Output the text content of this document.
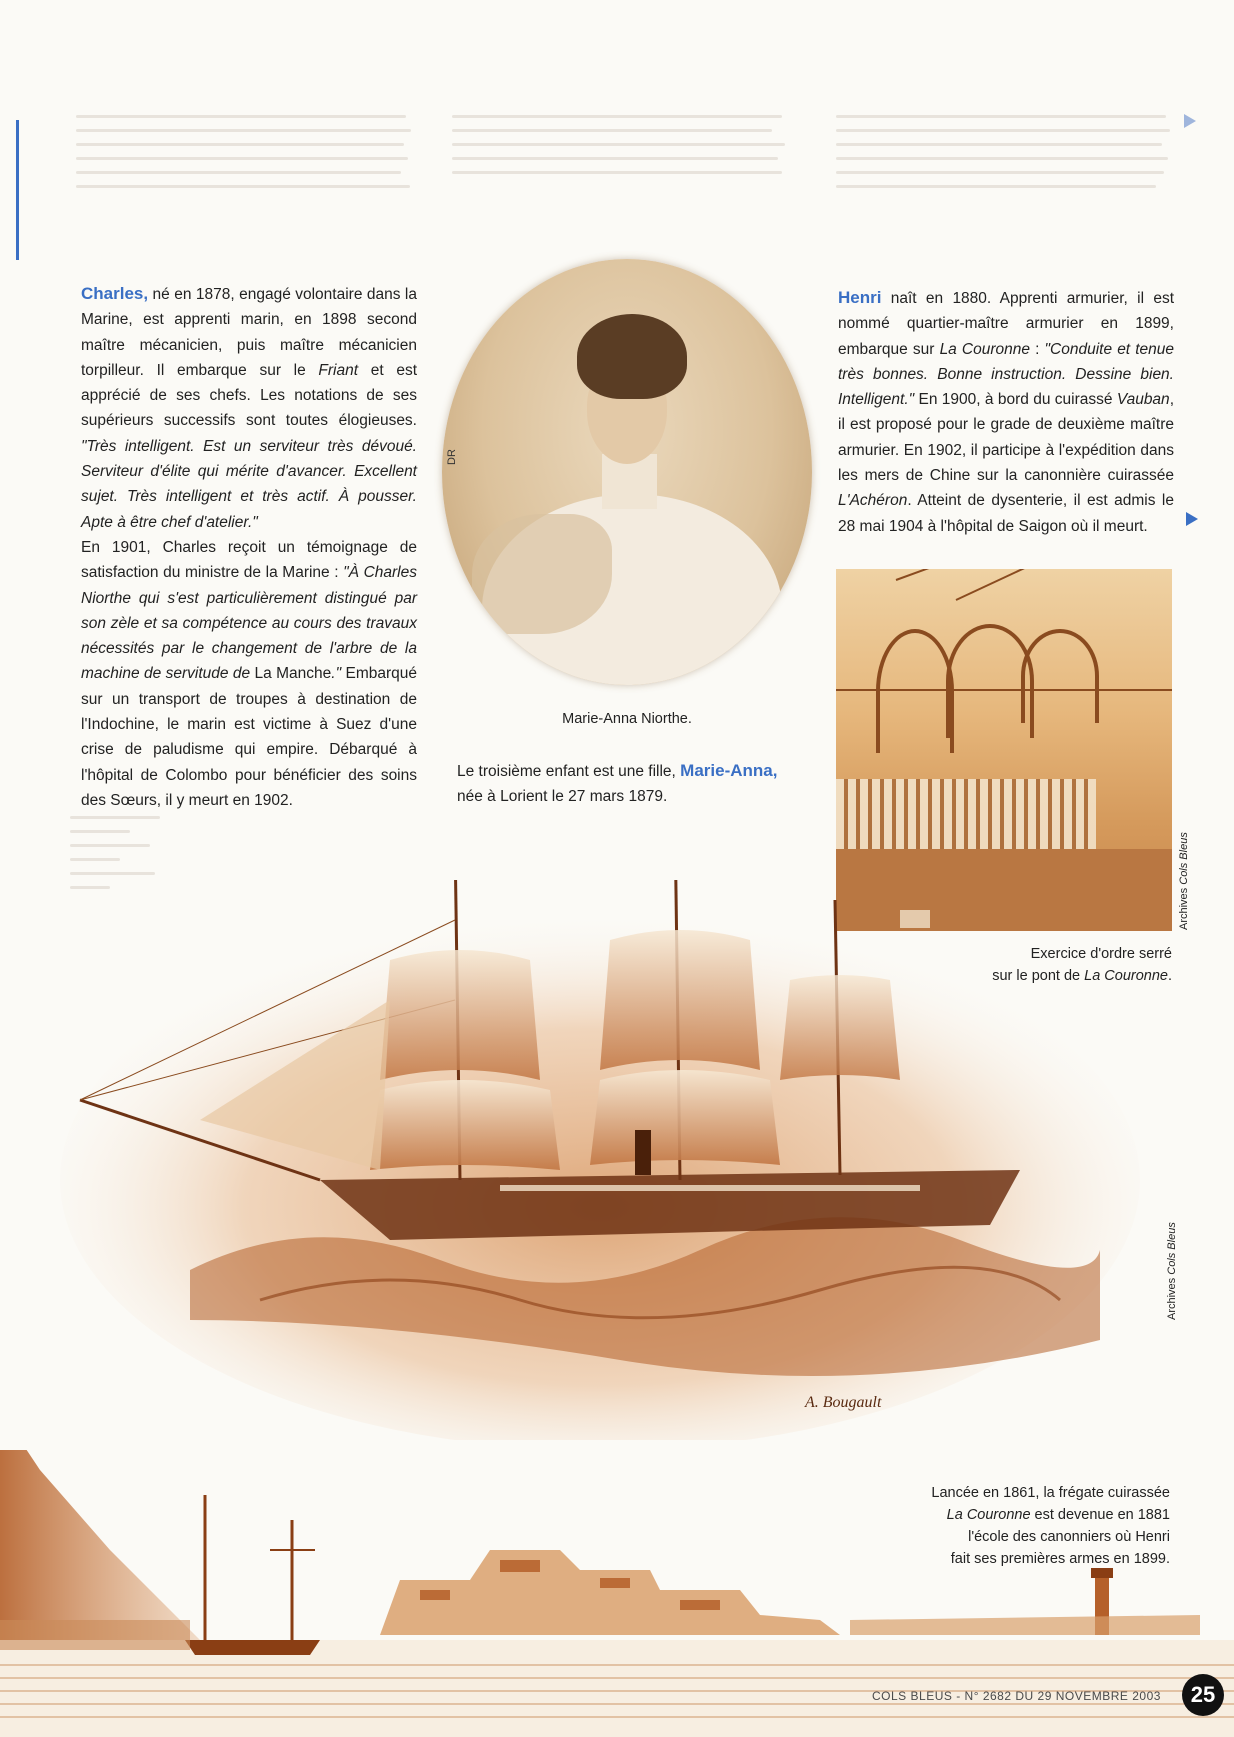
Charles, né en 1878, engagé volontaire dans la Marine, est apprenti marin, en 1898 second maître mécanicien, puis maître mécanicien torpilleur. Il embarque sur le Friant et est apprécié de ses chefs. Les notations de ses supérieurs successifs sont toutes élogieuses. "Très intelligent. Est un serviteur très dévoué. Serviteur d'élite qui mérite d'avancer. Excellent sujet. Très intelligent et très actif. À pousser. Apte à être chef d'atelier."

En 1901, Charles reçoit un témoignage de satisfaction du ministre de la Marine : "À Charles Niorthe qui s'est particulièrement distingué par son zèle et sa compétence au cours des travaux nécessités par le changement de l'arbre de la machine de servitude de La Manche." Embarqué sur un transport de troupes à destination de l'Indochine, le marin est victime à Suez d'une crise de paludisme qui empire. Débarqué à l'hôpital de Colombo pour bénéficier des soins des Sœurs, il y meurt en 1902.

DR
Marie-Anna Niorthe.

Le troisième enfant est une fille, Marie-Anna, née à Lorient le 27 mars 1879.

Henri naît en 1880. Apprenti armurier, il est nommé quartier-maître armurier en 1899, embarque sur La Couronne : "Conduite et tenue très bonnes. Bonne instruction. Dessine bien. Intelligent." En 1900, à bord du cuirassé Vauban, il est proposé pour le grade de deuxième maître armurier. En 1902, il participe à l'expédition dans les mers de Chine sur la canonnière cuirassée L'Achéron. Atteint de dysenterie, il est admis le 28 mai 1904 à l'hôpital de Saigon où il meurt.

Archives Cols Bleus
Exercice d'ordre serré
sur le pont de La Couronne.
A. Bougault
Archives Cols Bleus
Lancée en 1861, la frégate cuirassée
La Couronne est devenue en 1881
l'école des canonniers où Henri
fait ses premières armes en 1899.
COLS BLEUS - N° 2682 DU 29 NOVEMBRE 2003	25
